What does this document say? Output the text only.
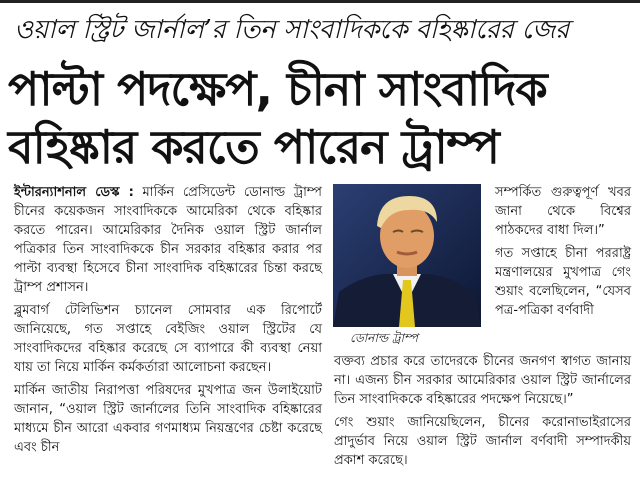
ওয়াল স্ট্রিট জার্নাল’র তিন সাংবাদিককে বহিষ্কারের জের
পাল্টা পদক্ষেপ, চীনা সাংবাদিক
বহিষ্কার করতে পারেন ট্রাম্প

ইন্টারন্যাশনাল ডেস্ক : মার্কিন প্রেসিডেন্ট ডোনাল্ড ট্রাম্প চীনের কয়েকজন সাংবাদিককে আমেরিকা থেকে বহিষ্কার করতে পারেন। আমেরিকার দৈনিক ওয়াল স্ট্রিট জার্নাল পত্রিকার তিন সাংবাদিককে চীন সরকার বহিষ্কার করার পর পাল্টা ব্যবস্থা হিসেবে চীনা সাংবাদিক বহিষ্কারের চিন্তা করছে ট্রাম্প প্রশাসন।

ব্লুমবার্গ টেলিভিশন চ্যানেল সোমবার এক রিপোর্টে জানিয়েছে, গত সপ্তাহে বেইজিং ওয়াল স্ট্রিটের যে সাংবাদিকদের বহিষ্কার করেছে সে ব্যাপারে কী ব্যবস্থা নেয়া যায় তা নিয়ে মার্কিন কর্মকর্তারা আলোচনা করছেন।

মার্কিন জাতীয় নিরাপত্তা পরিষদের মুখপাত্র জন উলাইয়োট জানান, “ওয়াল স্ট্রিট জার্নালের তিনি সাংবাদিক বহিষ্কারের মাধ্যমে চীন আরো একবার গণমাধ্যম নিয়ন্ত্রণের চেষ্টা করেছে এবং চীন

ডোনাল্ড ট্রাম্প

সম্পর্কিত গুরুত্বপূর্ণ খবর জানা থেকে বিশ্বের পাঠকদের বাধা দিল।”

গত সপ্তাহে চীনা পররাষ্ট্র মন্ত্রণালয়ের মুখপাত্র গেং শুয়াং বলেছিলেন, “যেসব পত্র-পত্রিকা বর্ণবাদী

বক্তব্য প্রচার করে তাদেরকে চীনের জনগণ স্বাগত জানায় না। এজন্য চীন সরকার আমেরিকার ওয়াল স্ট্রিট জার্নালের তিন সাংবাদিককে বহিষ্কারের পদক্ষেপ নিয়েছে।”

গেং শুয়াং জানিয়েছিলেন, চীনের করোনাভাইরাসের প্রাদুর্ভাব নিয়ে ওয়াল স্ট্রিট জার্নাল বর্ণবাদী সম্পাদকীয় প্রকাশ করেছে।
